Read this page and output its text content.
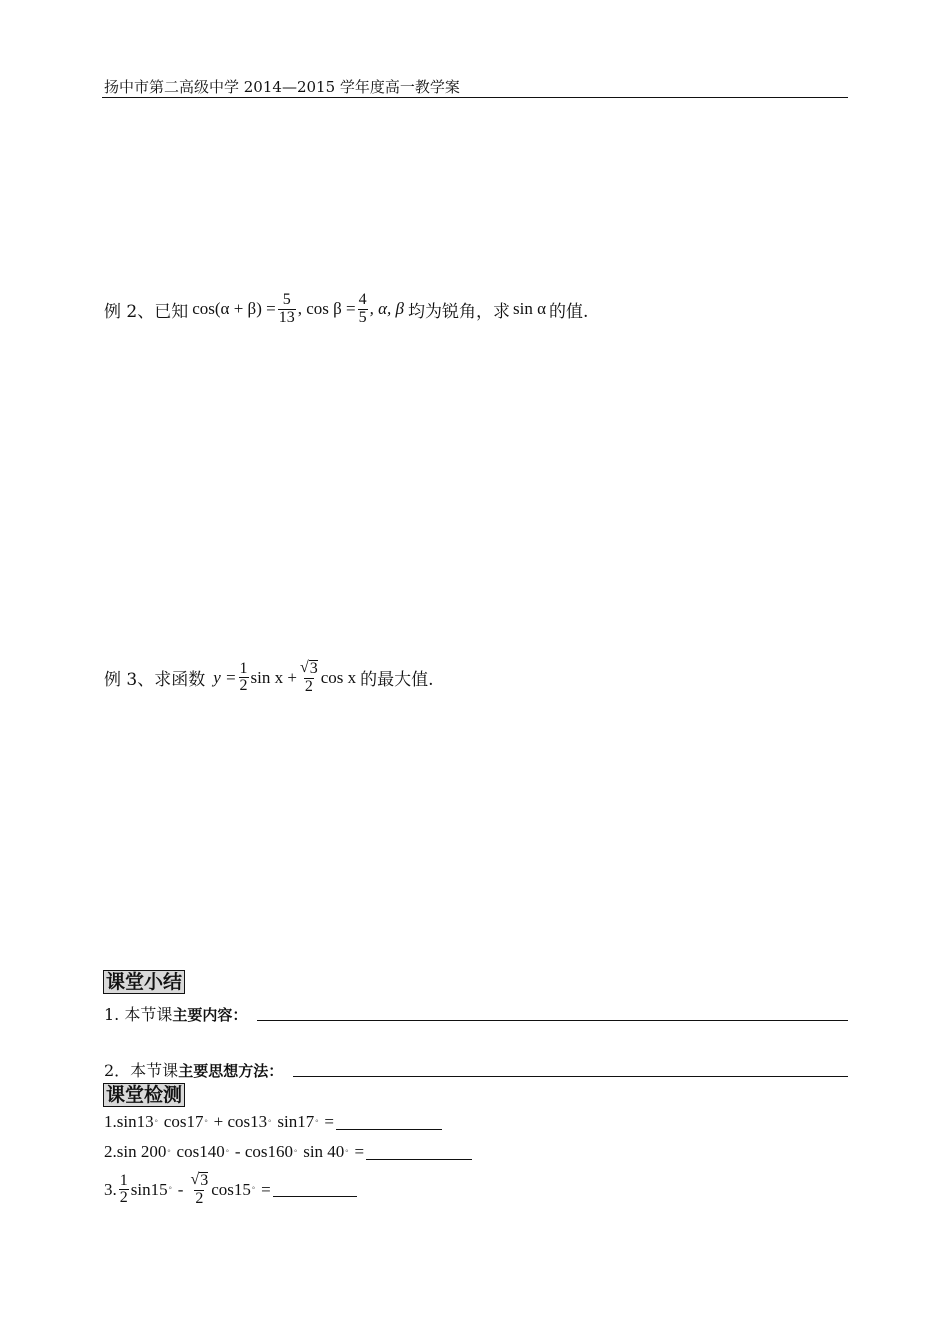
扬中市第二高级中学 2014—2015 学年度高一教学案
例 2、已知 $\cos(\alpha + \beta) = \frac{5}{13}$ , $\cos \beta = \frac{4}{5}$ , α, β 均为锐角，求 sin α 的值.
例 3、求函数 $y = \frac{1}{2}$ $\sin x + \frac{√ 3}{2}$ cos x 的最大值.
课堂小结
1. 本节课 主要内容：
2．本节课 主要思想方法：
课堂检测
1. sin13 ° cos17 ° + cos13 ° sin17 ° =
2. sin 200 ° cos140 ° - cos160 ° sin 40 ° =
3. $\frac{1}{2} \sin 15$ ° - $\frac{√ 3}{2} \cos 15$ ° =
